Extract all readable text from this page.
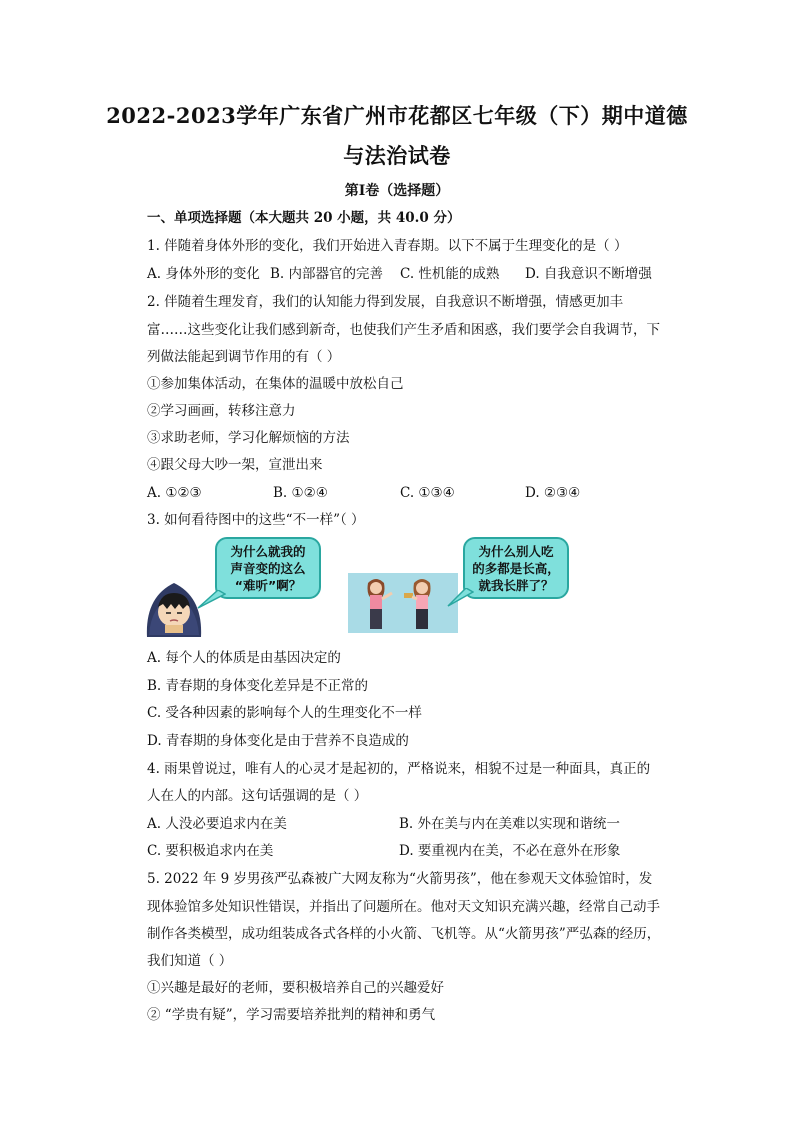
2022-2023学年广东省广州市花都区七年级（下）期中道德
与法治试卷
第I卷（选择题）
一、单项选择题（本大题共 20 小题，共 40.0 分）
1. 伴随着身体外形的变化，我们开始进入青春期。以下不属于生理变化的是（ ）
A. 身体外形的变化 B. 内部器官的完善 C. 性机能的成熟 D. 自我意识不断增强
2. 伴随着生理发育，我们的认知能力得到发展，自我意识不断增强，情感更加丰
富……这些变化让我们感到新奇，也使我们产生矛盾和困惑，我们要学会自我调节，下
列做法能起到调节作用的有（ ）
①参加集体活动，在集体的温暖中放松自己
②学习画画，转移注意力
③求助老师，学习化解烦恼的方法
④跟父母大吵一架，宣泄出来
A. ①②③	B. ①②④	C. ①③④	D. ②③④
3. 如何看待图中的这些“不一样”（ ）
为什么就我的
声音变的这么
“难听”啊？
为什么别人吃
的多都是长高，
就我长胖了？
A. 每个人的体质是由基因决定的
B. 青春期的身体变化差异是不正常的
C. 受各种因素的影响每个人的生理变化不一样
D. 青春期的身体变化是由于营养不良造成的
4. 雨果曾说过，唯有人的心灵才是起初的，严格说来，相貌不过是一种面具，真正的
人在人的内部。这句话强调的是（ ）
A. 人没必要追求内在美	B. 外在美与内在美难以实现和谐统一
C. 要积极追求内在美	D. 要重视内在美，不必在意外在形象
5. 2022 年 9 岁男孩严弘森被广大网友称为“火箭男孩”，他在参观天文体验馆时，发
现体验馆多处知识性错误，并指出了问题所在。他对天文知识充满兴趣，经常自己动手
制作各类模型，成功组装成各式各样的小火箭、飞机等。从“火箭男孩”严弘森的经历，
我们知道（ ）
①兴趣是最好的老师，要积极培养自己的兴趣爱好
② “学贵有疑”，学习需要培养批判的精神和勇气
